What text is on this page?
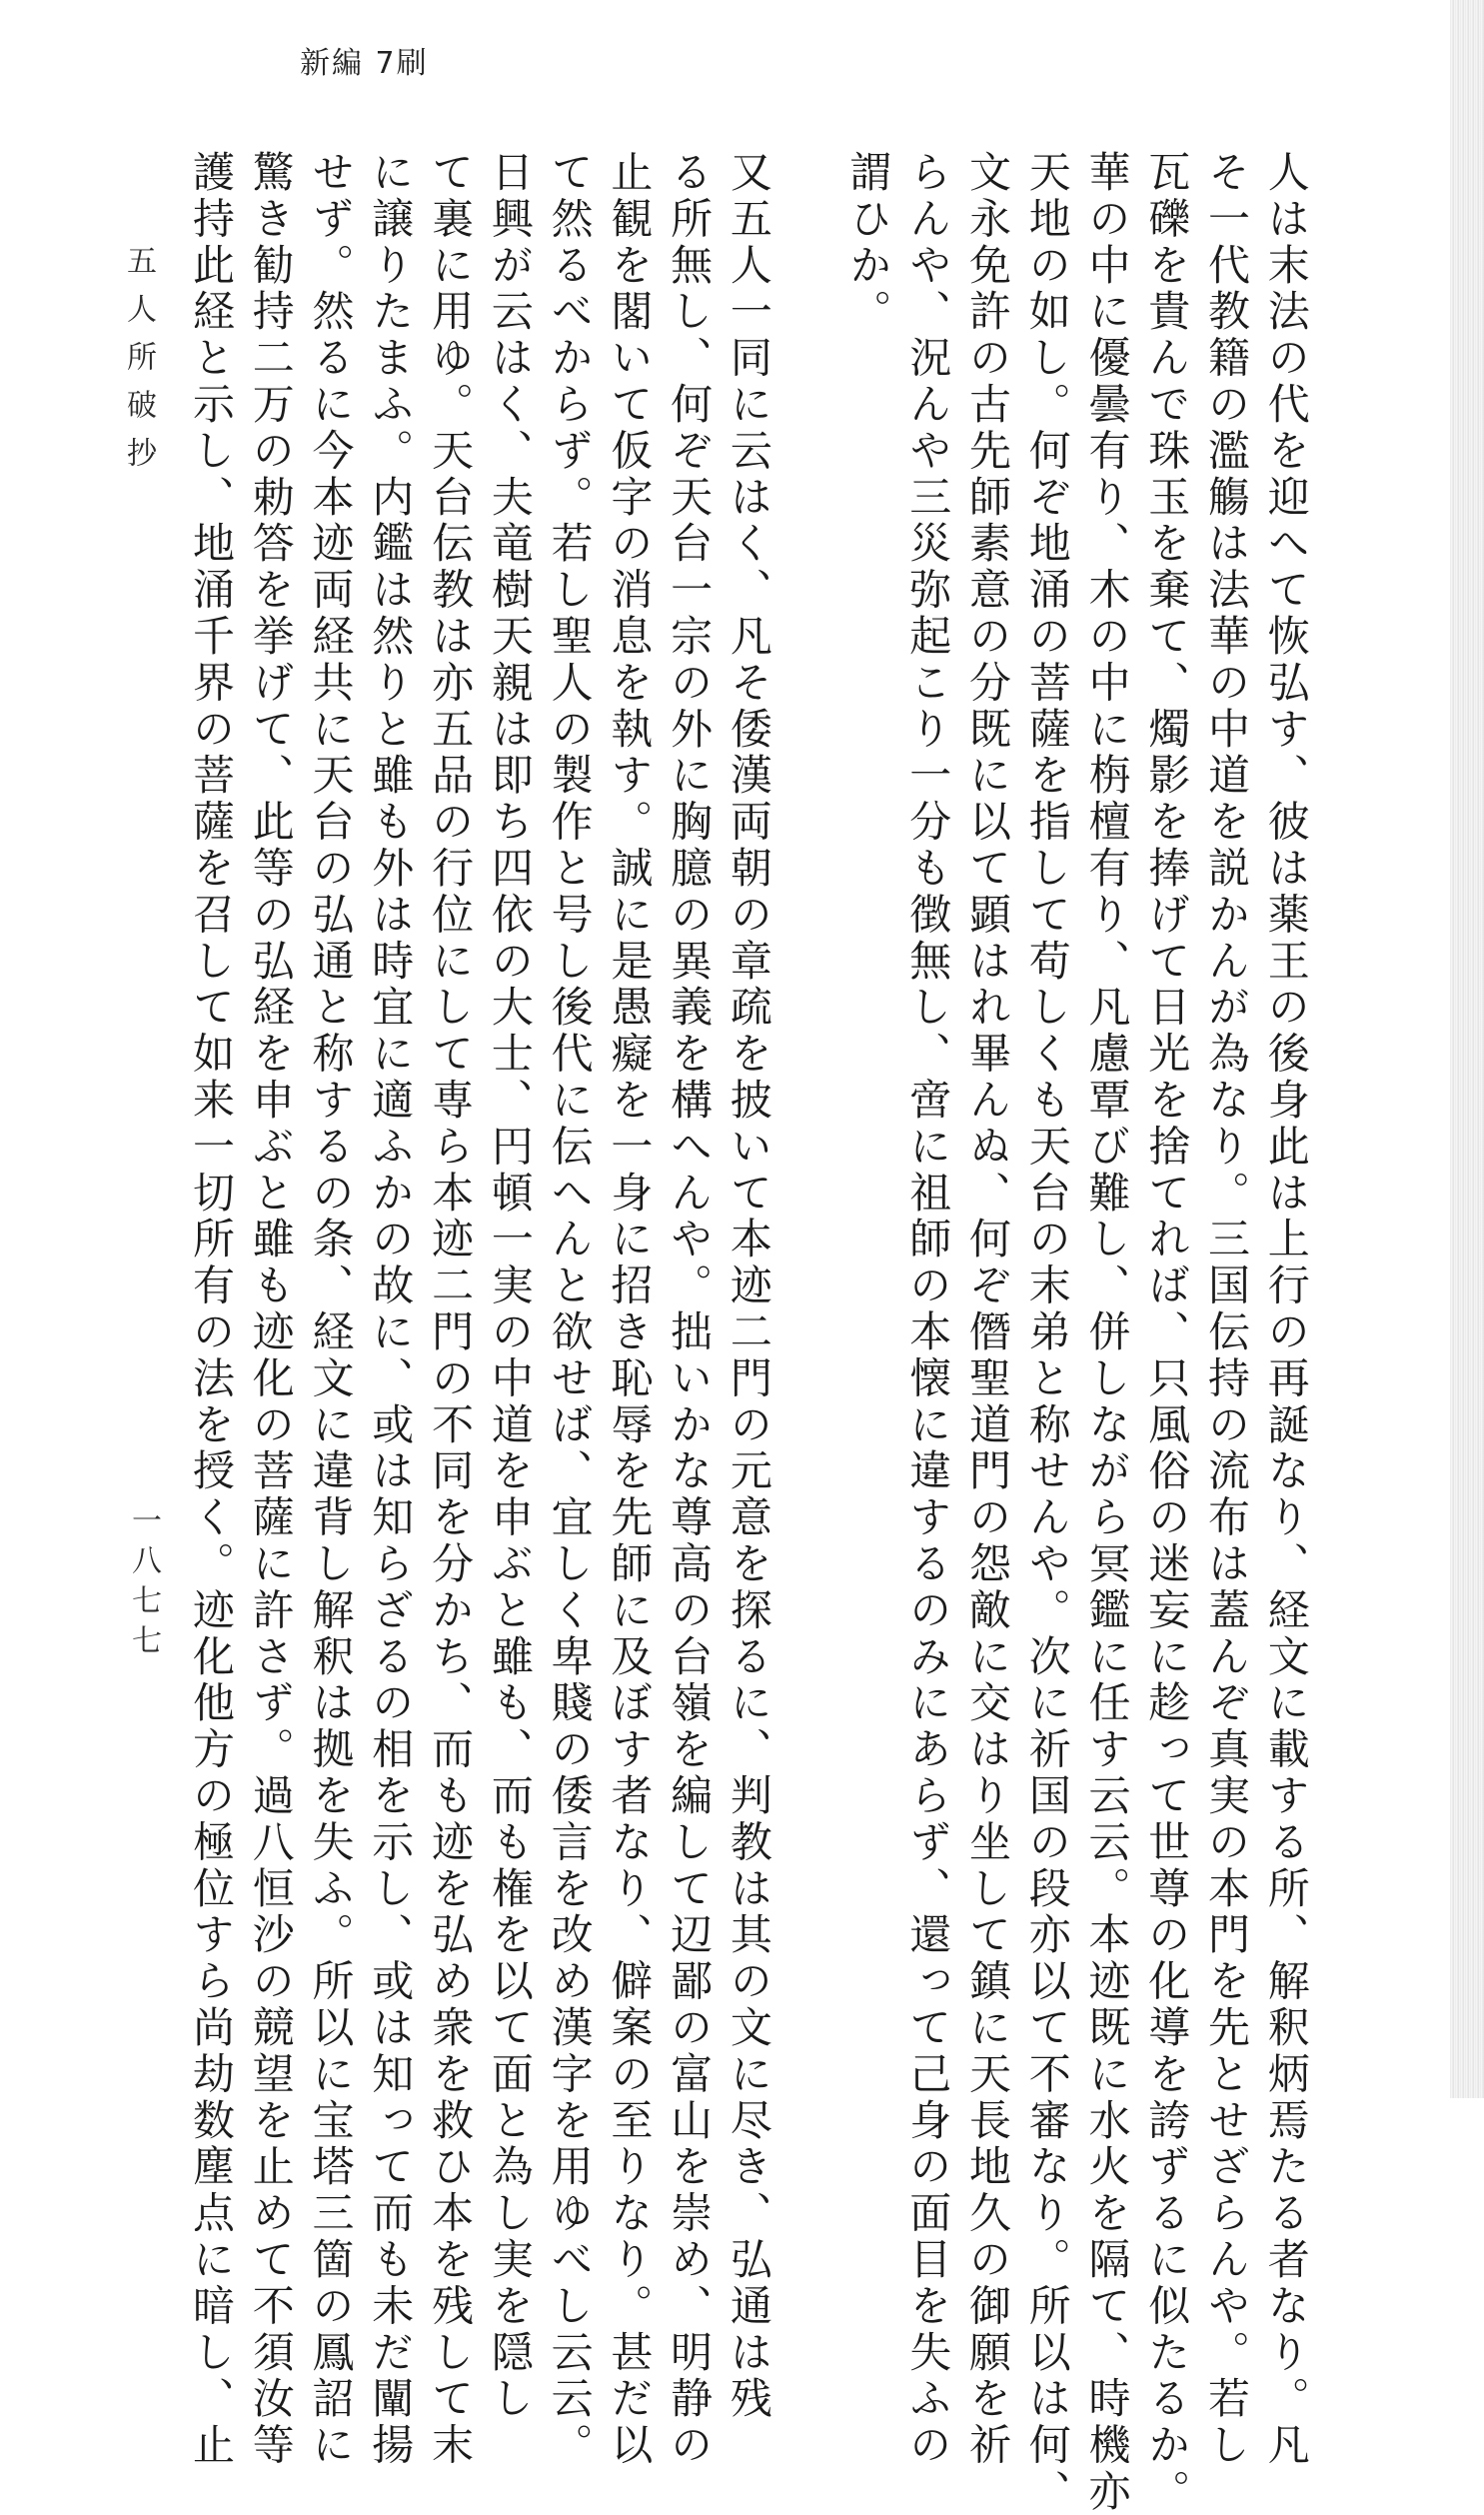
新編 7刷
人は末法の代を迎へて恢弘す、彼は薬王の後身此は上行の再誕なり、経文に載する所、解釈炳焉たる者なり。凡
そ一代教籍の濫觴は法華の中道を説かんが為なり。三国伝持の流布は蓋んぞ真実の本門を先とせざらんや。若し
瓦礫を貴んで珠玉を棄て、燭影を捧げて日光を捨てれば、只風俗の迷妄に趁って世尊の化導を誇ずるに似たるか。
華の中に優曇有り、木の中に栴檀有り、凡慮覃び難し、併しながら冥鑑に任す云云。本迹既に水火を隔て、時機亦
天地の如し。何ぞ地涌の菩薩を指して苟しくも天台の末弟と称せんや。次に祈国の段亦以て不審なり。所以は何、
文永免許の古先師素意の分既に以て顕はれ畢んぬ、何ぞ僭聖道門の怨敵に交はり坐して鎮に天長地久の御願を祈
らんや、況んや三災弥起こり一分も徴無し、啻に祖師の本懐に違するのみにあらず、還って己身の面目を失ふの
謂ひか。
又五人一同に云はく、凡そ倭漢両朝の章疏を披いて本迹二門の元意を探るに、判教は其の文に尽き、弘通は残
る所無し、何ぞ天台一宗の外に胸臆の異義を構へんや。拙いかな尊高の台嶺を編して辺鄙の富山を崇め、明静の
止観を閣いて仮字の消息を執す。誠に是愚癡を一身に招き恥辱を先師に及ぼす者なり、僻案の至りなり。甚だ以
て然るべからず。若し聖人の製作と号し後代に伝へんと欲せば、宜しく卑賤の倭言を改め漢字を用ゆべし云云。
日興が云はく、夫竜樹天親は即ち四依の大士、円頓一実の中道を申ぶと雖も、而も権を以て面と為し実を隠し
て裏に用ゆ。天台伝教は亦五品の行位にして専ら本迹二門の不同を分かち、而も迹を弘め衆を救ひ本を残して末
に譲りたまふ。内鑑は然りと雖も外は時宜に適ふかの故に、或は知らざるの相を示し、或は知って而も未だ闡揚
せず。然るに今本迹両経共に天台の弘通と称するの条、経文に違背し解釈は拠を失ふ。所以に宝塔三箇の鳳詔に
驚き勧持二万の勅答を挙げて、此等の弘経を申ぶと雖も迹化の菩薩に許さず。過八恒沙の競望を止めて不須汝等
護持此経と示し、地涌千界の菩薩を召して如来一切所有の法を授く。迹化他方の極位すら尚劫数塵点に暗し、止
五人所破抄
一八七七
